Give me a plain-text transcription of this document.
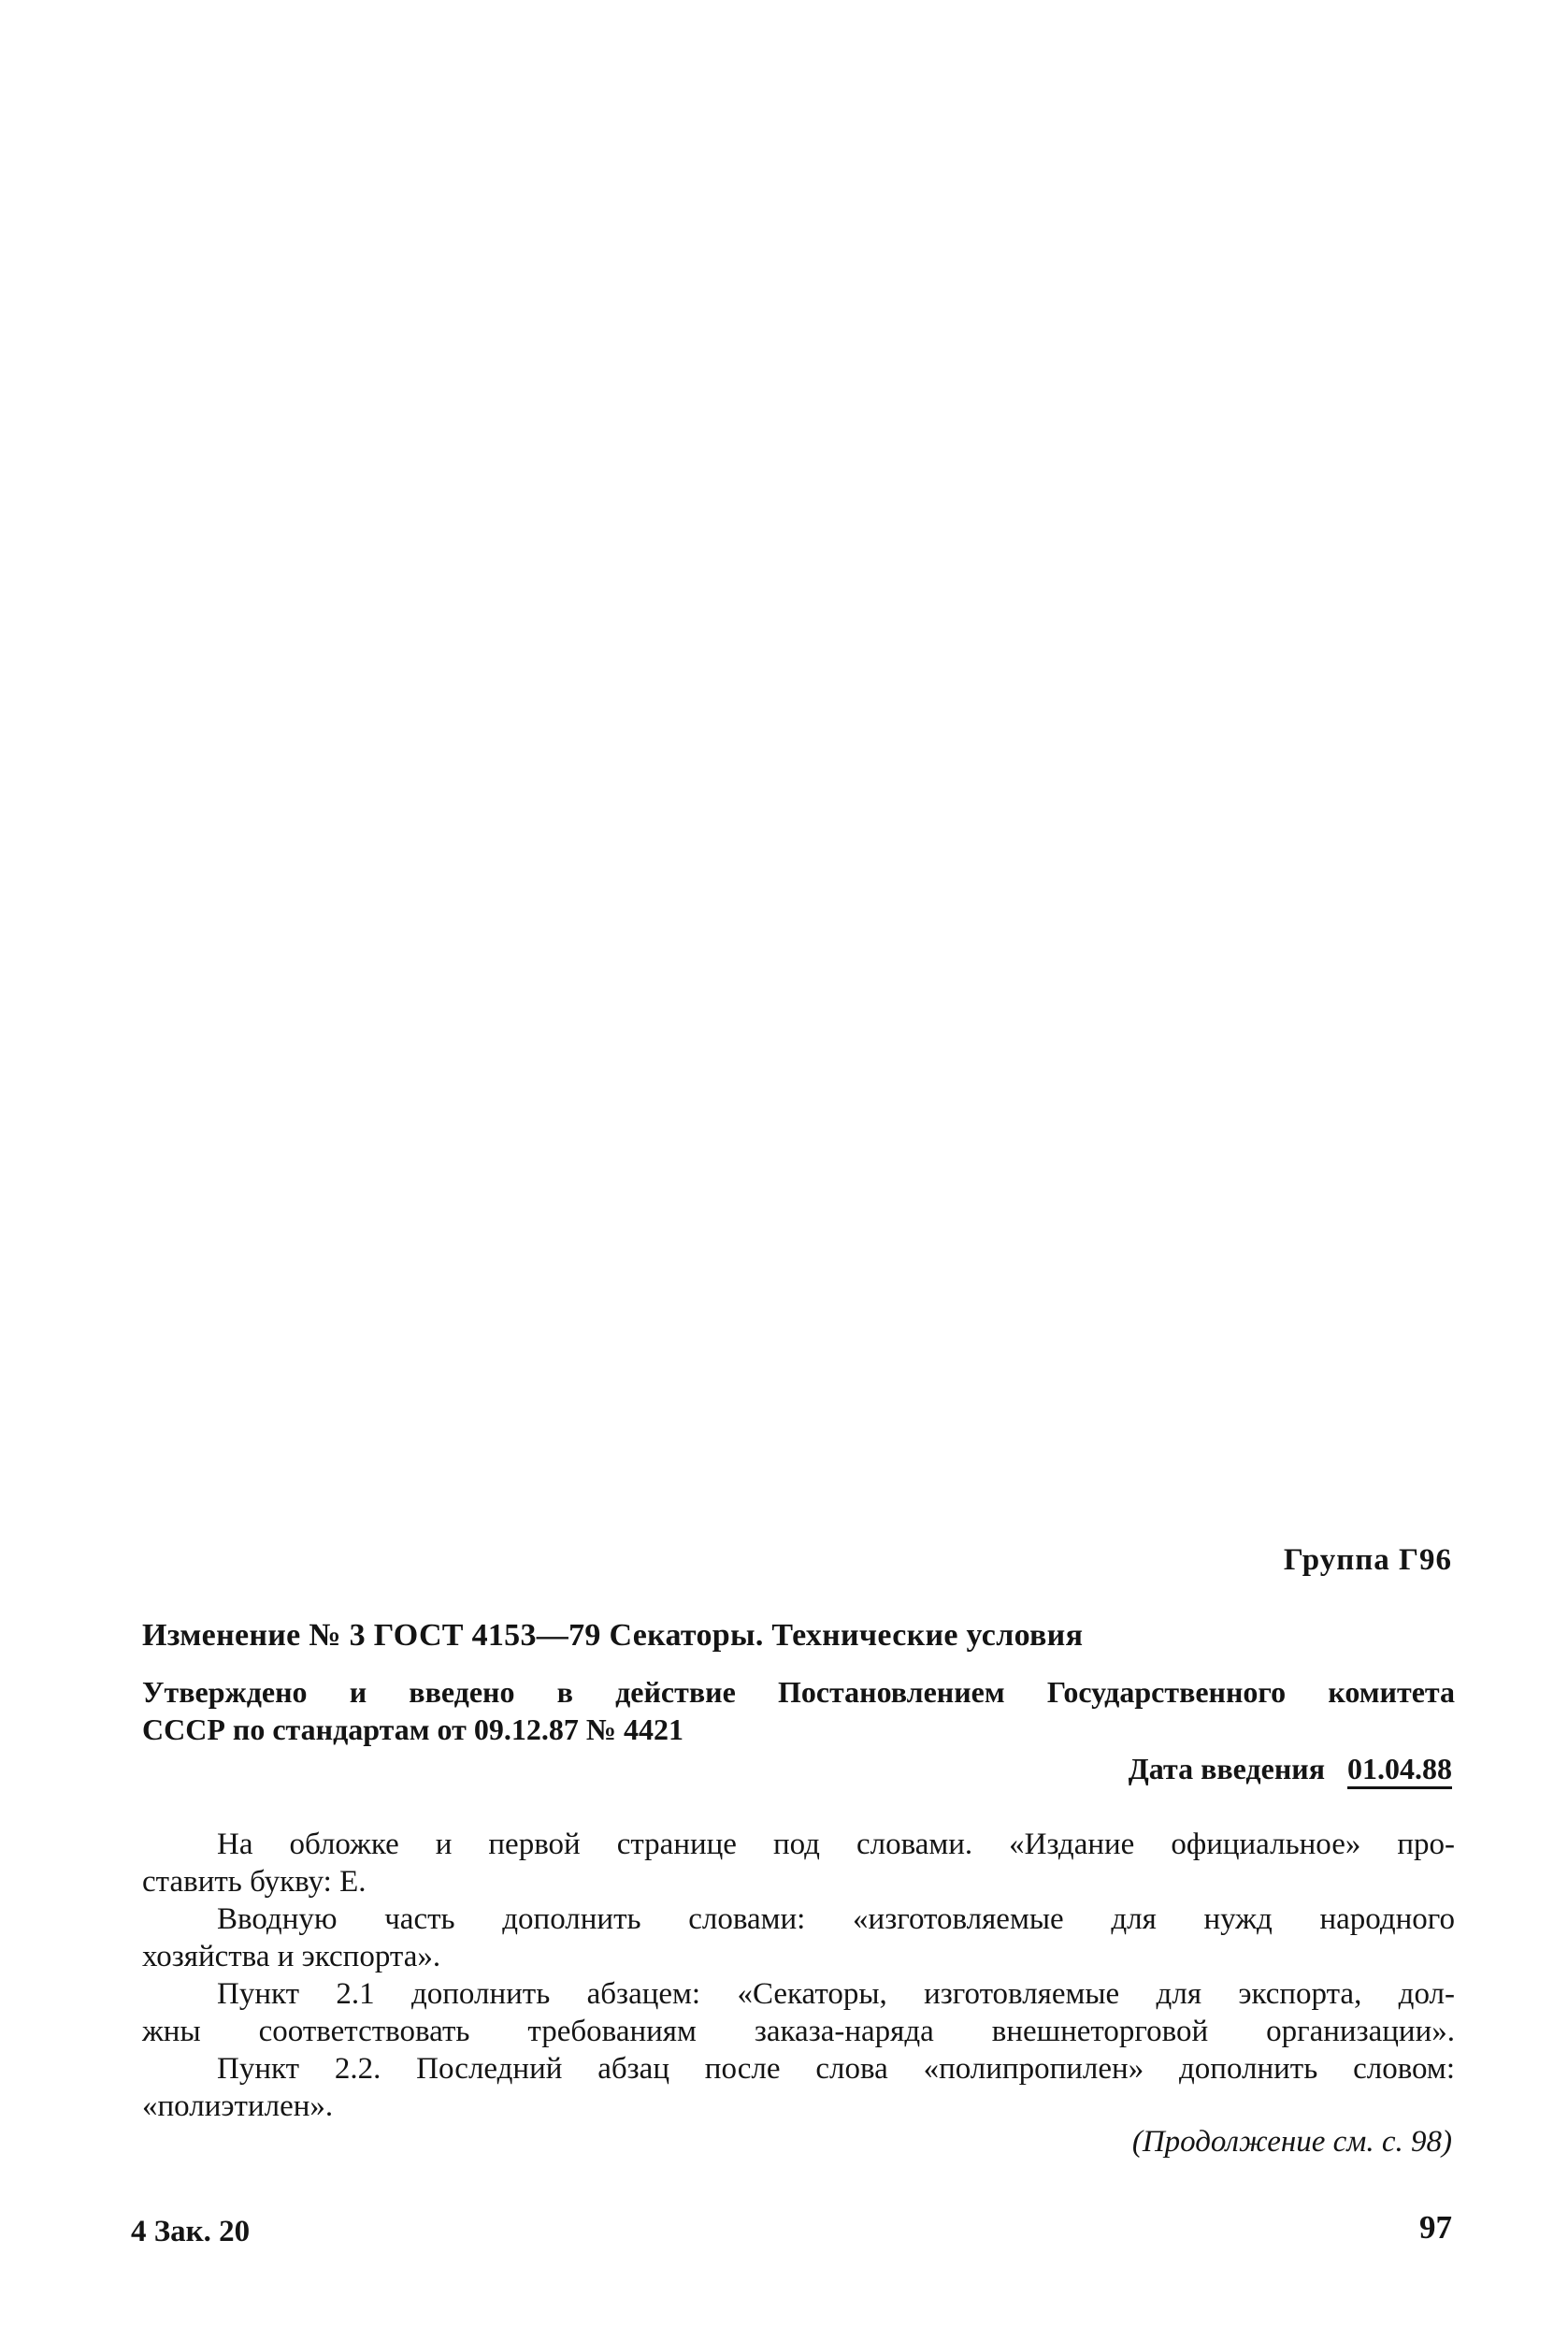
Группа Г96
Изменение № 3 ГОСТ 4153—79 Секаторы. Технические условия
Утверждено и введено в действие Постановлением Государственного комитета
СССР по стандартам от 09.12.87 № 4421
Дата введения 01.04.88

На обложке и первой странице под словами. «Издание официальное» про-
ставить букву: Е.

Вводную часть дополнить словами: «изготовляемые для нужд народного
хозяйства и экспорта».

Пункт 2.1 дополнить абзацем: «Секаторы, изготовляемые для экспорта, дол-
жны соответствовать требованиям заказа-наряда внешнеторговой организации».

Пункт 2.2. Последний абзац после слова «полипропилен» дополнить словом:
«полиэтилен».

(Продолжение см. с. 98)
4 Зак. 20	97
